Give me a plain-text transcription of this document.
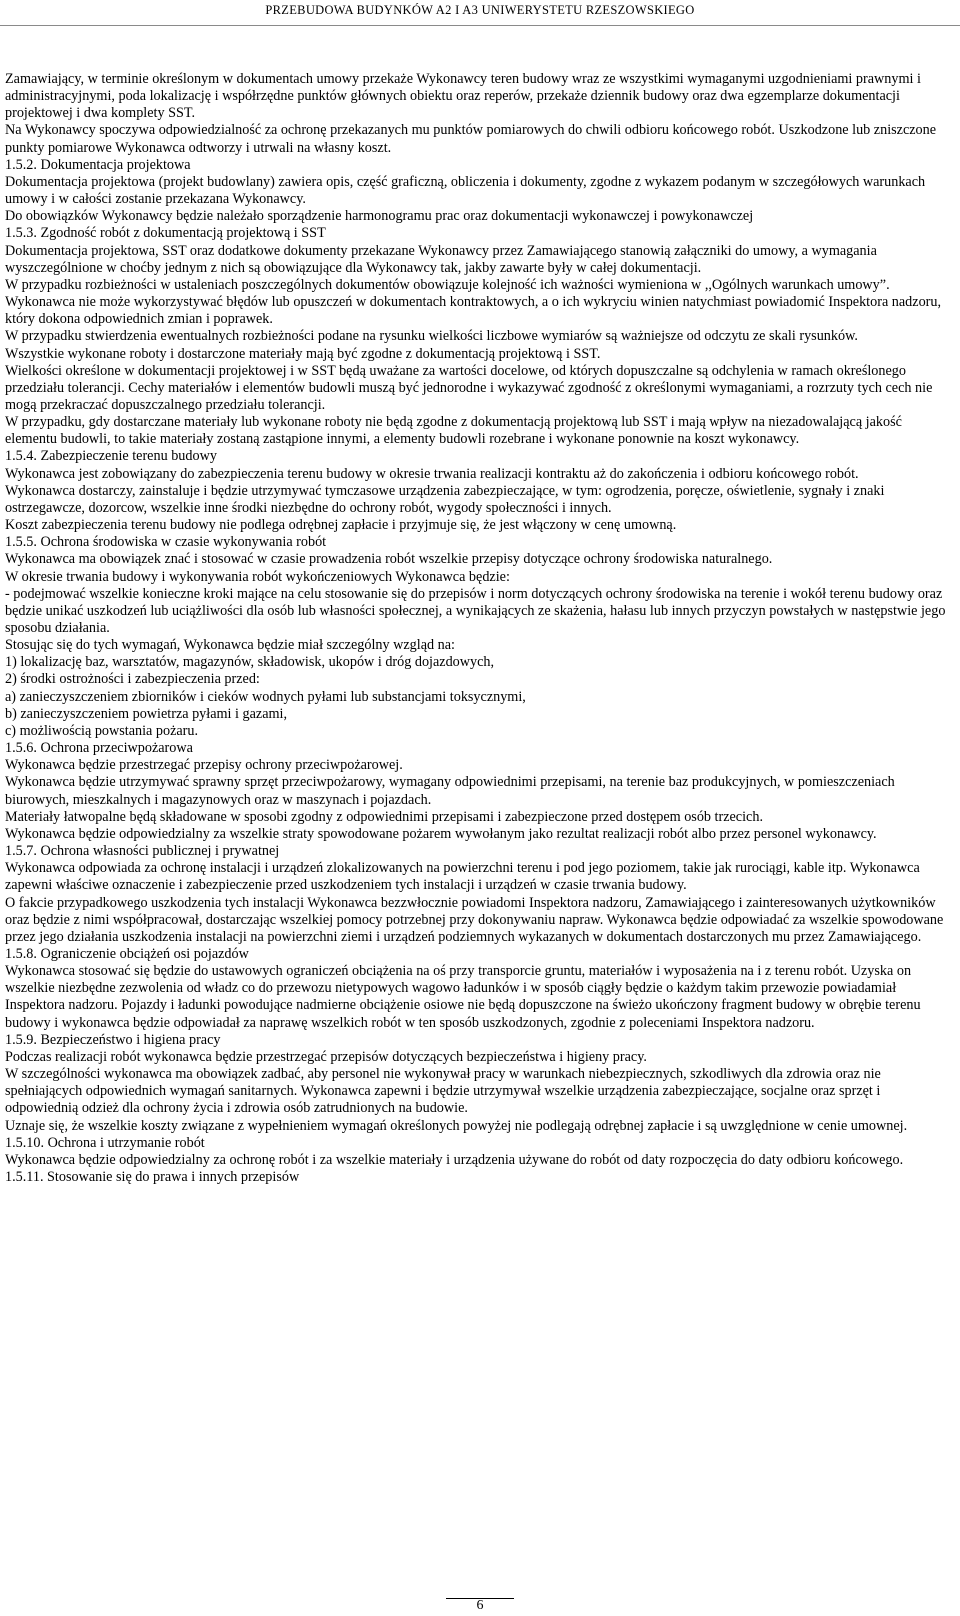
PRZEBUDOWA BUDYNKÓW A2 I A3 UNIWERYSTETU RZESZOWSKIEGO

Zamawiający, w terminie określonym w dokumentach umowy przekaże Wykonawcy teren budowy wraz ze wszystkimi wymaganymi uzgodnieniami prawnymi i administracyjnymi, poda lokalizację i współrzędne punktów głównych obiektu oraz reperów, przekaże dziennik budowy oraz dwa egzemplarze dokumentacji projektowej i dwa komplety SST.

Na Wykonawcy spoczywa odpowiedzialność za ochronę przekazanych mu punktów pomiarowych do chwili odbioru końcowego robót. Uszkodzone lub zniszczone punkty pomiarowe Wykonawca odtworzy i utrwali na własny koszt.

1.5.2. Dokumentacja projektowa

Dokumentacja projektowa (projekt budowlany) zawiera opis, część graficzną, obliczenia i dokumenty, zgodne z wykazem podanym w szczegółowych warunkach umowy i w całości zostanie przekazana Wykonawcy.

Do obowiązków Wykonawcy będzie należało sporządzenie harmonogramu prac oraz dokumentacji wykonawczej i powykonawczej

1.5.3. Zgodność robót z dokumentacją projektową i SST

Dokumentacja projektowa, SST oraz dodatkowe dokumenty przekazane Wykonawcy przez Zamawiającego stanowią załączniki do umowy, a wymagania wyszczególnione w choćby jednym z nich są obowiązujące dla Wykonawcy tak, jakby zawarte były w całej dokumentacji.

W przypadku rozbieżności w ustaleniach poszczególnych dokumentów obowiązuje kolejność ich ważności wymieniona w ,,Ogólnych warunkach umowy”.

Wykonawca nie może wykorzystywać błędów lub opuszczeń w dokumentach kontraktowych, a o ich wykryciu winien natychmiast powiadomić Inspektora nadzoru, który dokona odpowiednich zmian i poprawek.

W przypadku stwierdzenia ewentualnych rozbieżności podane na rysunku wielkości liczbowe wymiarów są ważniejsze od odczytu ze skali rysunków.

Wszystkie wykonane roboty i dostarczone materiały mają być zgodne z dokumentacją projektową i SST.

Wielkości określone w dokumentacji projektowej i w SST będą uważane za wartości docelowe, od których dopuszczalne są odchylenia w ramach określonego przedziału tolerancji. Cechy materiałów i elementów budowli muszą być jednorodne i wykazywać zgodność z określonymi wymaganiami, a rozrzuty tych cech nie mogą przekraczać dopuszczalnego przedziału tolerancji.

W przypadku, gdy dostarczane materiały lub wykonane roboty nie będą zgodne z dokumentacją projektową lub SST i mają wpływ na niezadowalającą jakość elementu budowli, to takie materiały zostaną zastąpione innymi, a elementy budowli rozebrane i wykonane ponownie na koszt wykonawcy.

1.5.4. Zabezpieczenie terenu budowy

Wykonawca jest zobowiązany do zabezpieczenia terenu budowy w okresie trwania realizacji kontraktu aż do zakończenia i odbioru końcowego robót.

Wykonawca dostarczy, zainstaluje i będzie utrzymywać tymczasowe urządzenia zabezpieczające, w tym: ogrodzenia, poręcze, oświetlenie, sygnały i znaki ostrzegawcze, dozorcow, wszelkie inne środki niezbędne do ochrony robót, wygody społeczności i innych.

Koszt zabezpieczenia terenu budowy nie podlega odrębnej zapłacie i przyjmuje się, że jest włączony w cenę umowną.

1.5.5. Ochrona środowiska w czasie wykonywania robót

Wykonawca ma obowiązek znać i stosować w czasie prowadzenia robót wszelkie przepisy dotyczące ochrony środowiska naturalnego.

W okresie trwania budowy i wykonywania robót wykończeniowych Wykonawca będzie:

- podejmować wszelkie konieczne kroki mające na celu stosowanie się do przepisów i norm dotyczących ochrony środowiska na terenie i wokół terenu budowy oraz będzie unikać uszkodzeń lub uciążliwości dla osób lub własności społecznej, a wynikających ze skażenia, hałasu lub innych przyczyn powstałych w następstwie jego sposobu działania.

Stosując się do tych wymagań, Wykonawca będzie miał szczególny wzgląd na:

1) lokalizację baz, warsztatów, magazynów, składowisk, ukopów i dróg dojazdowych,

2) środki ostrożności i zabezpieczenia przed:

a) zanieczyszczeniem zbiorników i cieków wodnych pyłami lub substancjami toksycznymi,

b) zanieczyszczeniem powietrza pyłami i gazami,

c) możliwością powstania pożaru.

1.5.6. Ochrona przeciwpożarowa

Wykonawca będzie przestrzegać przepisy ochrony przeciwpożarowej.

Wykonawca będzie utrzymywać sprawny sprzęt przeciwpożarowy, wymagany odpowiednimi przepisami, na terenie baz produkcyjnych, w pomieszczeniach biurowych, mieszkalnych i magazynowych oraz w maszynach i pojazdach.

Materiały łatwopalne będą składowane w sposobi zgodny z odpowiednimi przepisami i zabezpieczone przed dostępem osób trzecich.

Wykonawca będzie odpowiedzialny za wszelkie straty spowodowane pożarem wywołanym jako rezultat realizacji robót albo przez personel wykonawcy.

1.5.7. Ochrona własności publicznej i prywatnej

Wykonawca odpowiada za ochronę instalacji i urządzeń zlokalizowanych na powierzchni terenu i pod jego poziomem, takie jak rurociągi, kable itp. Wykonawca zapewni właściwe oznaczenie i zabezpieczenie przed uszkodzeniem tych instalacji i urządzeń w czasie trwania budowy.

O fakcie przypadkowego uszkodzenia tych instalacji Wykonawca bezzwłocznie powiadomi Inspektora nadzoru, Zamawiającego i zainteresowanych użytkowników oraz będzie z nimi współpracował, dostarczając wszelkiej pomocy potrzebnej przy dokonywaniu napraw. Wykonawca będzie odpowiadać za wszelkie spowodowane przez jego działania uszkodzenia instalacji na powierzchni ziemi i urządzeń podziemnych wykazanych w dokumentach dostarczonych mu przez Zamawiającego.

1.5.8. Ograniczenie obciążeń osi pojazdów

Wykonawca stosować się będzie do ustawowych ograniczeń obciążenia na oś przy transporcie gruntu, materiałów i wyposażenia na i z terenu robót. Uzyska on wszelkie niezbędne zezwolenia od władz co do przewozu nietypowych wagowo ładunków i w sposób ciągły będzie o każdym takim przewozie powiadamiał Inspektora nadzoru. Pojazdy i ładunki powodujące nadmierne obciążenie osiowe nie będą dopuszczone na świeżo ukończony fragment budowy w obrębie terenu budowy i wykonawca będzie odpowiadał za naprawę wszelkich robót w ten sposób uszkodzonych, zgodnie z poleceniami Inspektora nadzoru.

1.5.9. Bezpieczeństwo i higiena pracy

Podczas realizacji robót wykonawca będzie przestrzegać przepisów dotyczących bezpieczeństwa i higieny pracy.

W szczególności wykonawca ma obowiązek zadbać, aby personel nie wykonywał pracy w warunkach niebezpiecznych, szkodliwych dla zdrowia oraz nie spełniających odpowiednich wymagań sanitarnych. Wykonawca zapewni i będzie utrzymywał wszelkie urządzenia zabezpieczające, socjalne oraz sprzęt i odpowiednią odzież dla ochrony życia i zdrowia osób zatrudnionych na budowie.

Uznaje się, że wszelkie koszty związane z wypełnieniem wymagań określonych powyżej nie podlegają odrębnej zapłacie i są uwzględnione w cenie umownej.

1.5.10. Ochrona i utrzymanie robót

Wykonawca będzie odpowiedzialny za ochronę robót i za wszelkie materiały i urządzenia używane do robót od daty rozpoczęcia do daty odbioru końcowego.

1.5.11. Stosowanie się do prawa i innych przepisów

6
